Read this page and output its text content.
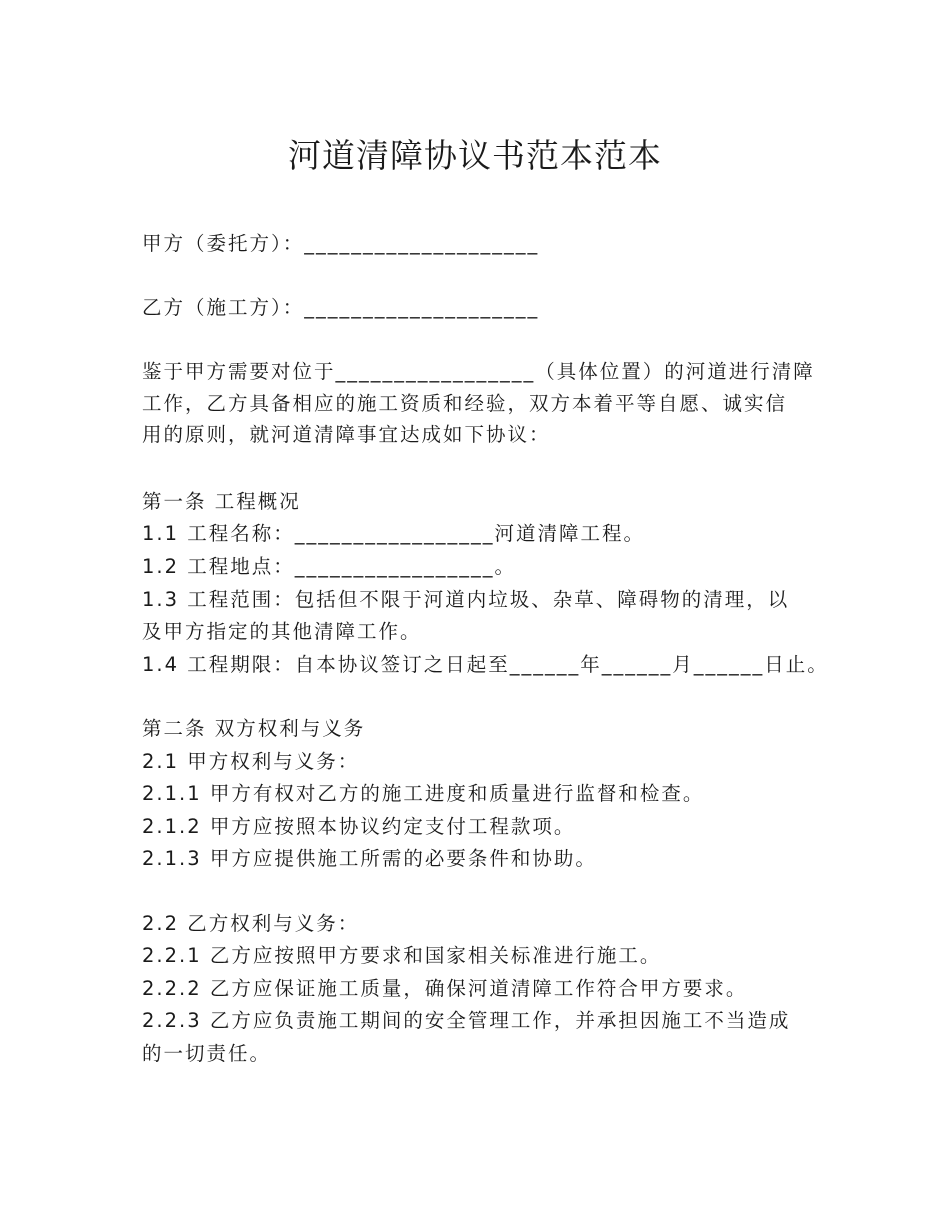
河道清障协议书范本范本
甲方（委托方）：____________________
乙方（施工方）：____________________
鉴于甲方需要对位于_________________（具体位置）的河道进行清障
工作，乙方具备相应的施工资质和经验，双方本着平等自愿、诚实信
用的原则，就河道清障事宜达成如下协议：
第一条 工程概况
1.1 工程名称：_________________河道清障工程。
1.2 工程地点：_________________。
1.3 工程范围：包括但不限于河道内垃圾、杂草、障碍物的清理，以
及甲方指定的其他清障工作。
1.4 工程期限：自本协议签订之日起至______年______月______日止。
第二条 双方权利与义务
2.1 甲方权利与义务：
2.1.1 甲方有权对乙方的施工进度和质量进行监督和检查。
2.1.2 甲方应按照本协议约定支付工程款项。
2.1.3 甲方应提供施工所需的必要条件和协助。
2.2 乙方权利与义务：
2.2.1 乙方应按照甲方要求和国家相关标准进行施工。
2.2.2 乙方应保证施工质量，确保河道清障工作符合甲方要求。
2.2.3 乙方应负责施工期间的安全管理工作，并承担因施工不当造成
的一切责任。
